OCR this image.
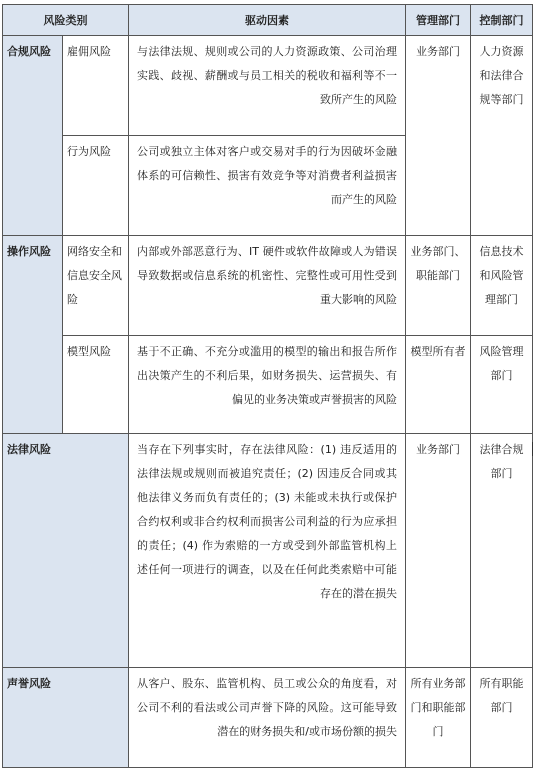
风险类别		驱动因素	管理部门	控制部门
合规风险	雇佣风险	与法律法规、规则或公司的人力资源政策、公司治理实践、歧视、薪酬或与员工相关的税收和福利等不一致所产生的风险	业务部门	人力资源和法律合规等部门
	行为风险	公司或独立主体对客户或交易对手的行为因破坏金融体系的可信赖性、损害有效竞争等对消费者利益损害而产生的风险		
操作风险	网络安全和信息安全风险	内部或外部恶意行为、IT 硬件或软件故障或人为错误导致数据或信息系统的机密性、完整性或可用性受到重大影响的风险	业务部门、职能部门	信息技术和风险管理部门
	模型风险	基于不正确、不充分或滥用的模型的输出和报告所作出决策产生的不利后果，如财务损失、运营损失、有偏见的业务决策或声誉损害的风险	模型所有者	风险管理部门
法律风险		当存在下列事实时，存在法律风险：(1) 违反适用的法律法规或规则而被追究责任；(2) 因违反合同或其他法律义务而负有责任的；(3) 未能或未执行或保护合约权利或非合约权利而损害公司利益的行为应承担的责任；(4) 作为索赔的一方或受到外部监管机构上述任何一项进行的调查，以及在任何此类索赔中可能存在的潜在损失	业务部门	法律合规部门
声誉风险		从客户、股东、监管机构、员工或公众的角度看，对公司不利的看法或公司声誉下降的风险。这可能导致潜在的财务损失和/或市场份额的损失	所有业务部门和职能部门	所有职能部门
